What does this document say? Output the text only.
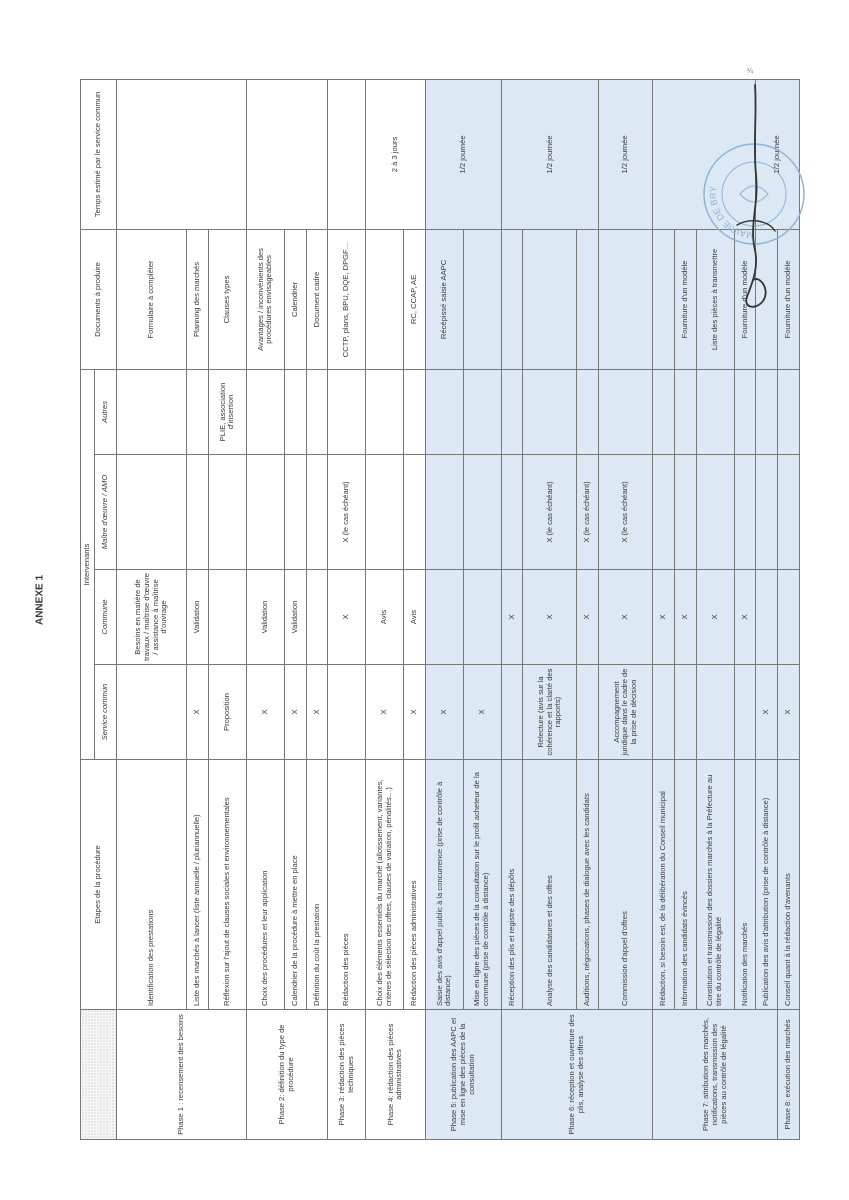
ANNEXE 1
	Etapes de la procédure	Intervenants				Documents à produire	Temps estimé par le service commun
		Service commun	Commune	Maître d'œuvre / AMO	Autres		
Phase 1 : recensement des besoins	Identification des prestations		Besoins en matière de travaux / maîtrise d'œuvre / assistance à maîtrise d'ouvrage			Formulaire à compléter	
	Liste des marchés à lancer (liste annuelle / pluriannuelle)	X	Validation			Planning des marchés	
	Réflexion sur l'ajout de clauses sociales et environnementales	Proposition			PLIE, association d'insertion	Clauses types	
Phase 2: définition du type de procédure	Choix des procédures et leur application	X	Validation			Avantages / inconvénients des procédures envisageables	
	Calendrier de la procédure à mettre en place	X	Validation			Calendrier	
	Définition du coût la prestation	X				Document cadre	
Phase 3: rédaction des pièces techniques	Rédaction des pièces		X	X (le cas échéant)		CCTP, plans, BPU, DQE, DPGF…	
Phase 4: rédaction des pièces administratives	Choix des éléments essentiels du marché (allotissement, variantes, critères de sélection des offres, clauses de variation, pénalités…)	X	Avis				2 à 3 jours
	Rédaction des pièces administratives	X	Avis			RC, CCAP, AE	
Phase 5: publication des AAPC et mise en ligne des pièces de la consultation	Saisie des avis d'appel public à la concurrence (prise de contrôle à distance)	X				Récépissé saisie AAPC	1/2 journée
	Mise en ligne des pièces de la consultation sur le profil acheteur de la commune (prise de contrôle à distance)	X					
Phase 6: réception et ouverture des plis, analyse des offres	Réception des plis et registre des dépôts		X				1/2 journée
	Analyse des candidatures et des offres	Relecture (avis sur la cohérence et la clarté des rapports)	X	X (le cas échéant)			
	Auditions, négociations, phases de dialogue avec les candidats		X	X (le cas échéant)			
	Commission d'appel d'offres	Accompagnement juridique dans le cadre de la prise de décision	X	X (le cas échéant)			1/2 journée
Phase 7: attribution des marchés, notifications, transmission des pièces au contrôle de légalité	Rédaction, si besoin est, de la délibération du Conseil municipal		X				
	Information des candidats évincés		X			Fourniture d'un modèle	
	Constitution et transmission des dossiers marchés à la Préfecture au titre du contrôle de légalité		X			Liste des pièces à transmettre	
	Notification des marchés		X			Fourniture d'un modèle	
	Publication des avis d'attribution (prise de contrôle à distance)	X					1/2 journée
Phase 8: exécution des marchés	Conseil quant à la rédaction d'avenants	X				Fourniture d'un modèle	
MAIRIE DE BRY
¼
